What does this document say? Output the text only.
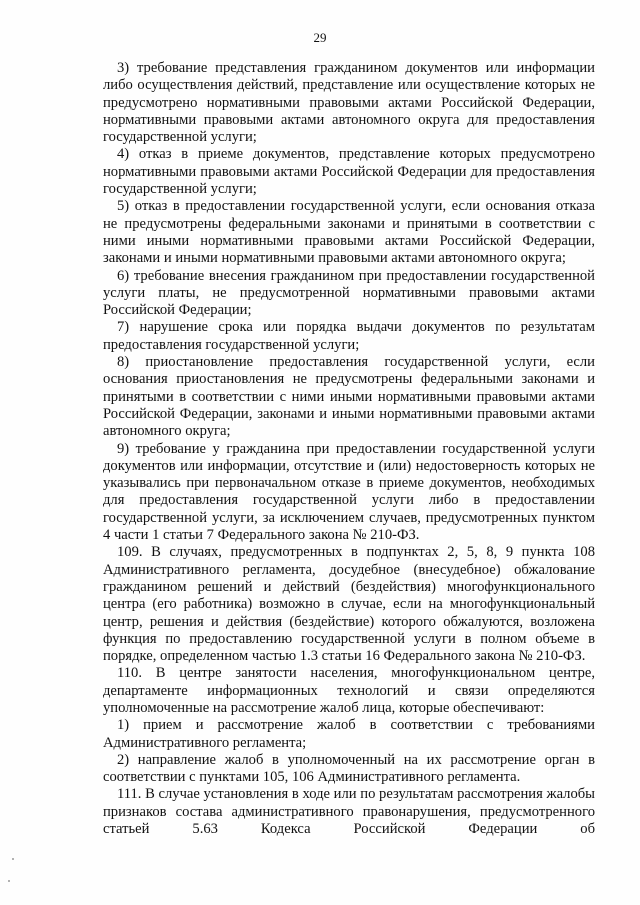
29

3) требование представления гражданином документов или информации либо осуществления действий, представление или осуществление которых не предусмотрено нормативными правовыми актами Российской Федерации, нормативными правовыми актами автономного округа для предоставления государственной услуги;

4) отказ в приеме документов, представление которых предусмотрено нормативными правовыми актами Российской Федерации для предоставления государственной услуги;

5) отказ в предоставлении государственной услуги, если основания отказа не предусмотрены федеральными законами и принятыми в соответствии с ними иными нормативными правовыми актами Российской Федерации, законами и иными нормативными правовыми актами автономного округа;

6) требование внесения гражданином при предоставлении государственной услуги платы, не предусмотренной нормативными правовыми актами Российской Федерации;

7) нарушение срока или порядка выдачи документов по результатам предоставления государственной услуги;

8) приостановление предоставления государственной услуги, если основания приостановления не предусмотрены федеральными законами и принятыми в соответствии с ними иными нормативными правовыми актами Российской Федерации, законами и иными нормативными правовыми актами автономного округа;

9) требование у гражданина при предоставлении государственной услуги документов или информации, отсутствие и (или) недостоверность которых не указывались при первоначальном отказе в приеме документов, необходимых для предоставления государственной услуги либо в предоставлении государственной услуги, за исключением случаев, предусмотренных пунктом 4 части 1 статьи 7 Федерального закона № 210-ФЗ.

109. В случаях, предусмотренных в подпунктах 2, 5, 8, 9 пункта 108 Административного регламента, досудебное (внесудебное) обжалование гражданином решений и действий (бездействия) многофункционального центра (его работника) возможно в случае, если на многофункциональный центр, решения и действия (бездействие) которого обжалуются, возложена функция по предоставлению государственной услуги в полном объеме в порядке, определенном частью 1.3 статьи 16 Федерального закона № 210-ФЗ.

110. В центре занятости населения, многофункциональном центре, департаменте информационных технологий и связи определяются уполномоченные на рассмотрение жалоб лица, которые обеспечивают:

1) прием и рассмотрение жалоб в соответствии с требованиями Административного регламента;

2) направление жалоб в уполномоченный на их рассмотрение орган в соответствии с пунктами 105, 106 Административного регламента.

111. В случае установления в ходе или по результатам рассмотрения жалобы признаков состава административного правонарушения, предусмотренного статьей 5.63 Кодекса Российской Федерации об
